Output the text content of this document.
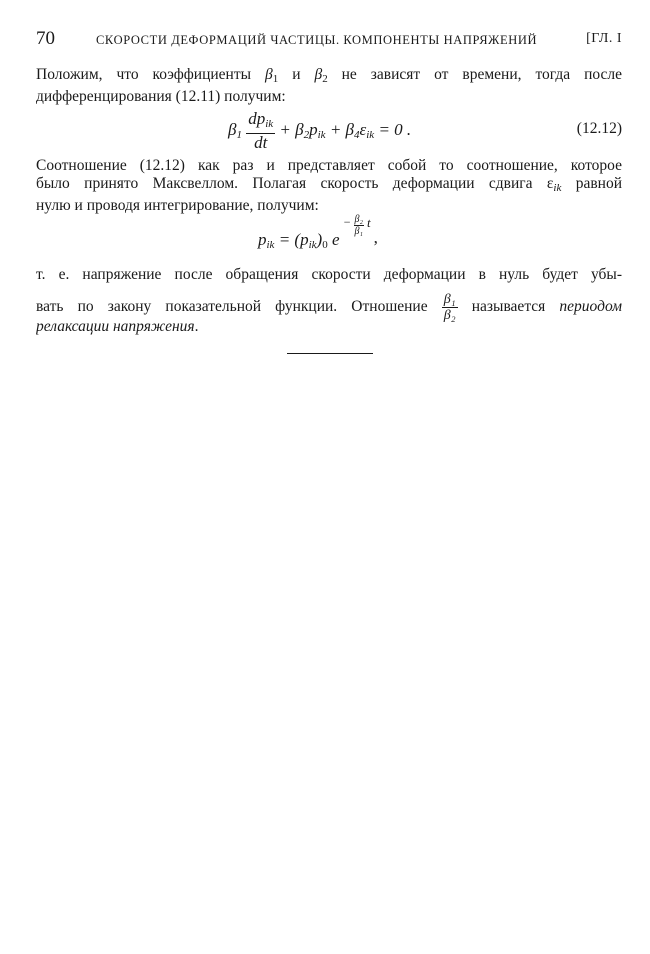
70	СКОРОСТИ ДЕФОРМАЦИЙ ЧАСТИЦЫ. КОМПОНЕНТЫ НАПРЯЖЕНИЙ	[ГЛ. I
Положим, что коэффициенты $\beta_1$ и $\beta_2$ не зависят от времени, тогда после
дифференцирования (12.11) получим:
$\beta_1 \frac{dp_{ik}}{dt} + \beta_2p_{ik} + \beta_4\varepsilon_{ik} = 0$ .	(12.12)
Соотношение (12.12) как раз и представляет собой то соотношение, которое
было принято Максвеллом. Полагая скорость деформации сдвига $\varepsilon_{ik}$ равной
нулю и проводя интегрирование, получим:
$p_{ik} = (p_{ik})_0$ $e - \frac{\text{β₂}}{\text{β₁}}$ t ,
т. е. напряжение после обращения скорости деформации в нуль будет убы-
вать по закону показательной функции. Отношение $\frac{\text{β₁}}{\text{β₂}}$ называется периодом
релаксации напряжения.
